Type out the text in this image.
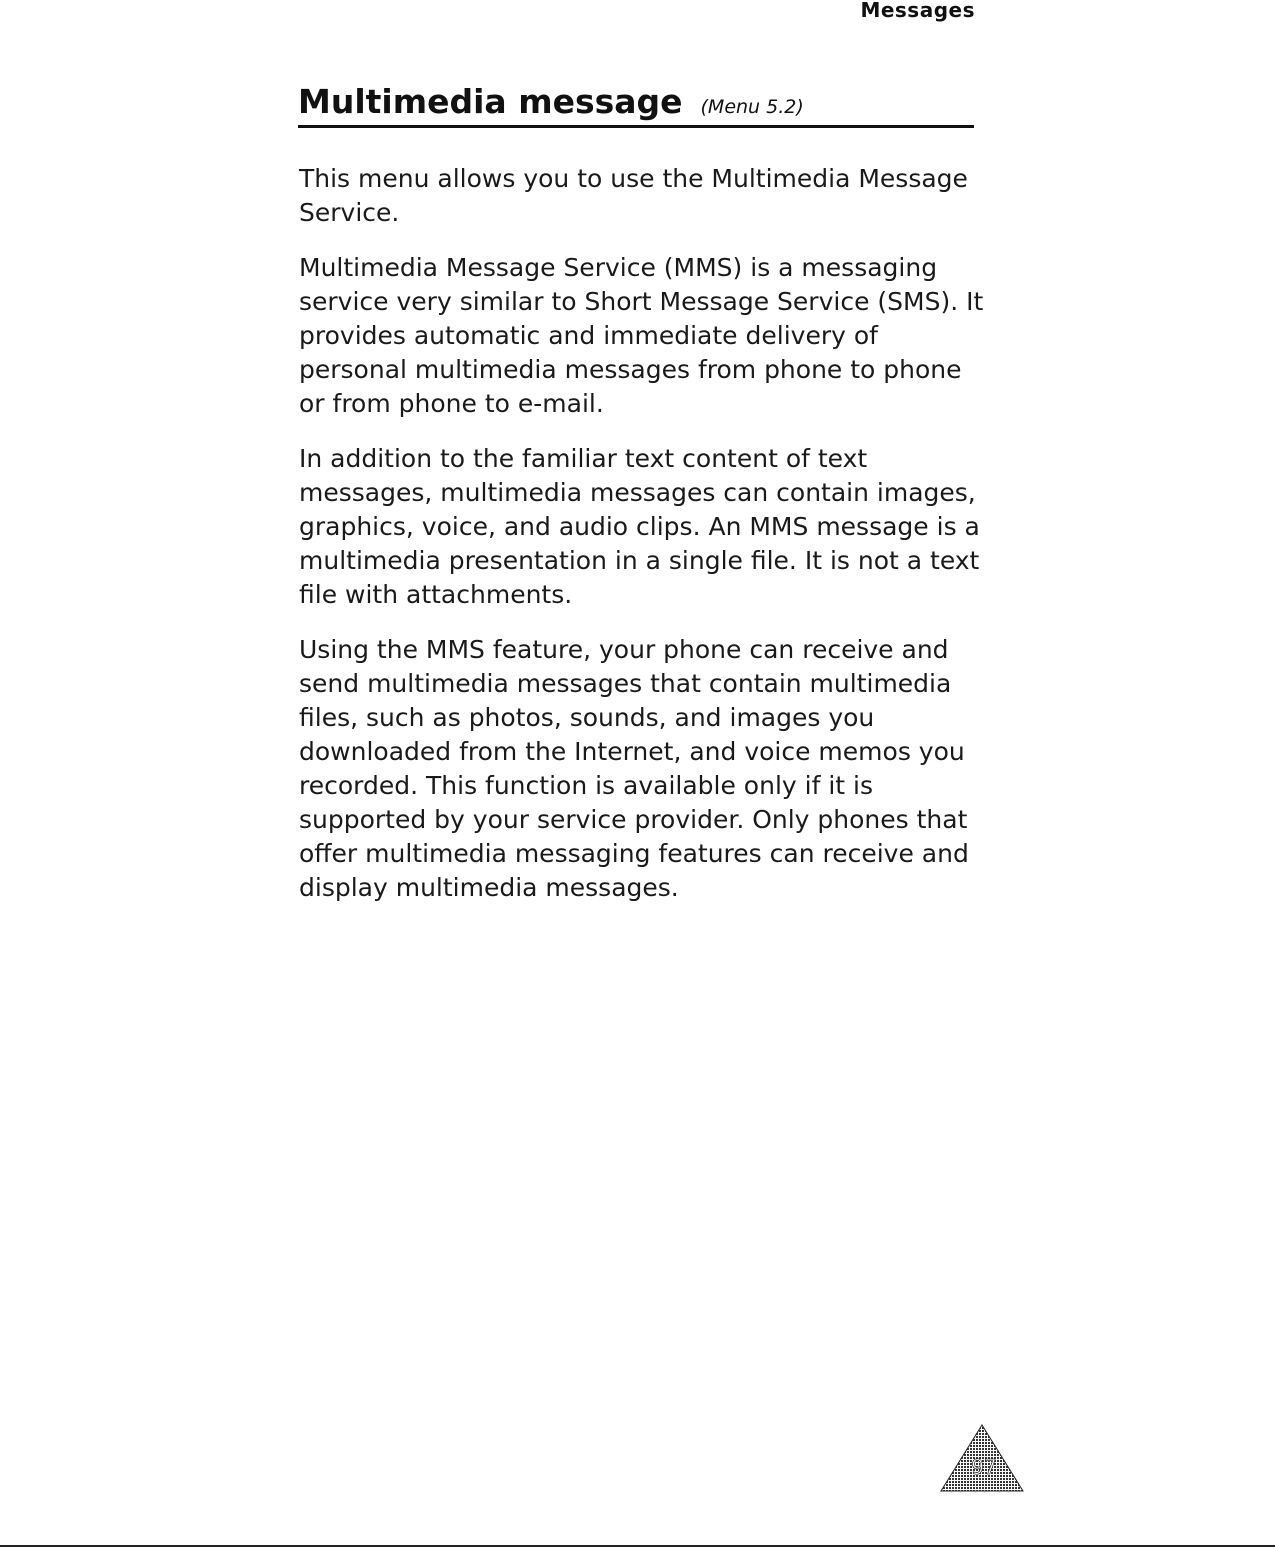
Messages
Multimedia message (Menu 5.2)

This menu allows you to use the Multimedia Message Service.

Multimedia Message Service (MMS) is a messaging service very similar to Short Message Service (SMS). It provides automatic and immediate delivery of personal multimedia messages from phone to phone or from phone to e-mail.

In addition to the familiar text content of text messages, multimedia messages can contain images, graphics, voice, and audio clips. An MMS message is a multimedia presentation in a single file. It is not a text file with attachments.

Using the MMS feature, your phone can receive and send multimedia messages that contain multimedia files, such as photos, sounds, and images you downloaded from the Internet, and voice memos you recorded. This function is available only if it is supported by your service provider. Only phones that offer multimedia messaging features can receive and display multimedia messages.

97
